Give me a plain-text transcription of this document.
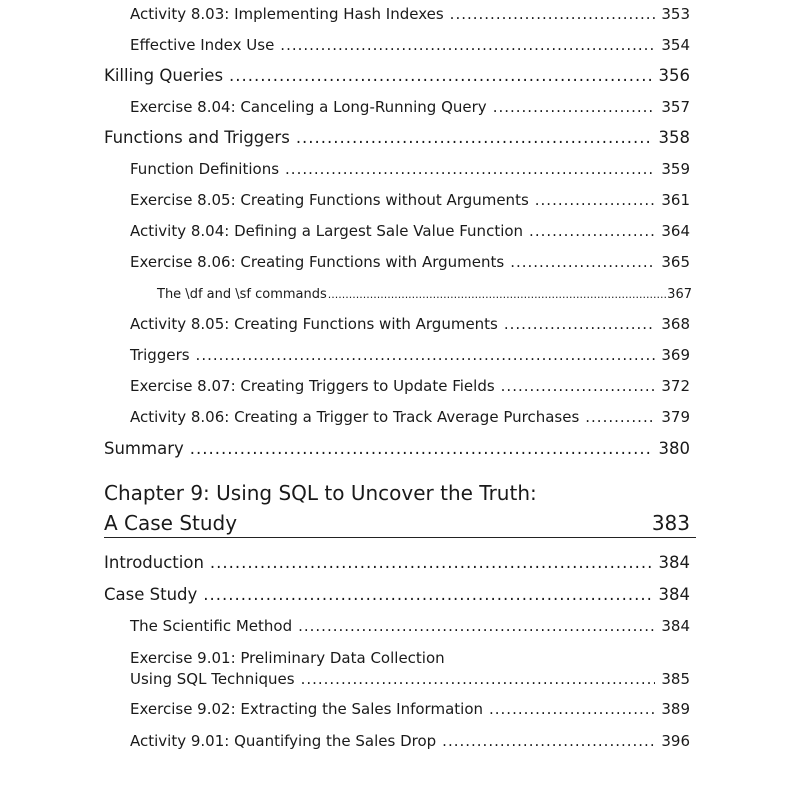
Activity 8.03: Implementing Hash Indexes .....	353
Effective Index Use .....	354
Killing Queries .....	356
Exercise 8.04: Canceling a Long-Running Query .....	357
Functions and Triggers .....	358
Function Definitions .....	359
Exercise 8.05: Creating Functions without Arguments .....	361
Activity 8.04: Defining a Largest Sale Value Function .....	364
Exercise 8.06: Creating Functions with Arguments .....	365
The \df and \sf commands .....	367
Activity 8.05: Creating Functions with Arguments .....	368
Triggers .....	369
Exercise 8.07: Creating Triggers to Update Fields .....	372
Activity 8.06: Creating a Trigger to Track Average Purchases .....	379
Summary .....	380
Chapter 9: Using SQL to Uncover the Truth:
A Case Study	383
Introduction .....	384
Case Study .....	384
The Scientific Method .....	384
Exercise 9.01: Preliminary Data Collection
Using SQL Techniques .....	385
Exercise 9.02: Extracting the Sales Information .....	389
Activity 9.01: Quantifying the Sales Drop .....	396
